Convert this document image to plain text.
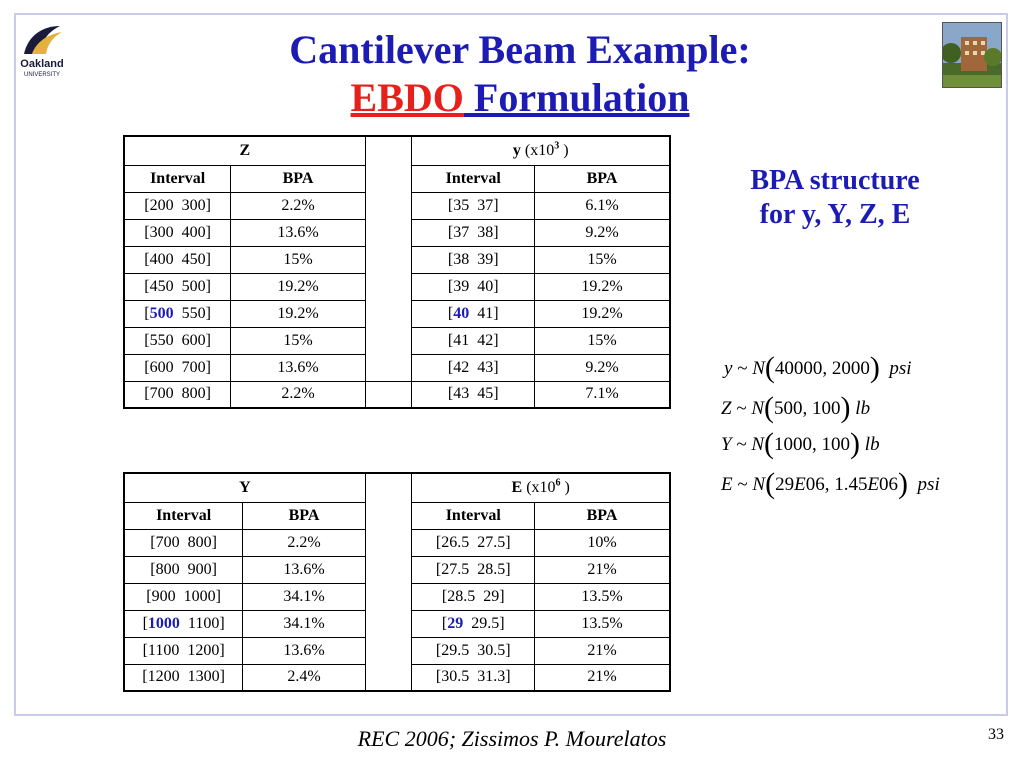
Oakland
UNIVERSITY
Cantilever Beam Example:
EBDO Formulation
Z			y ($x10^3$ )	
Interval	BPA		Interval	BPA
[200  300]	2.2%		[35  37]	6.1%
[300  400]	13.6%		[37  38]	9.2%
[400  450]	15%		[38  39]	15%
[450  500]	19.2%		[39  40]	19.2%
[500  550]	19.2%		[40  41]	19.2%
[550  600]	15%		[41  42]	15%
[600  700]	13.6%		[42  43]	9.2%
[700  800]	2.2%		[43  45]	7.1%
Y			E ($x10^6$ )	
Interval	BPA		Interval	BPA
[700  800]	2.2%		[26.5  27.5]	10%
[800  900]	13.6%		[27.5  28.5]	21%
[900  1000]	34.1%		[28.5  29]	13.5%
[1000  1100]	34.1%		[29  29.5]	13.5%
[1100  1200]	13.6%		[29.5  30.5]	21%
[1200  1300]	2.4%		[30.5  31.3]	21%
BPA structure
for y, Y, Z, E
y ~ N(40000, 2000) psi
Z ~ N(500, 100) lb
Y ~ N(1000, 100) lb
E ~ N(29E06, 1.45E06) psi
REC 2006; Zissimos P. Mourelatos	33
